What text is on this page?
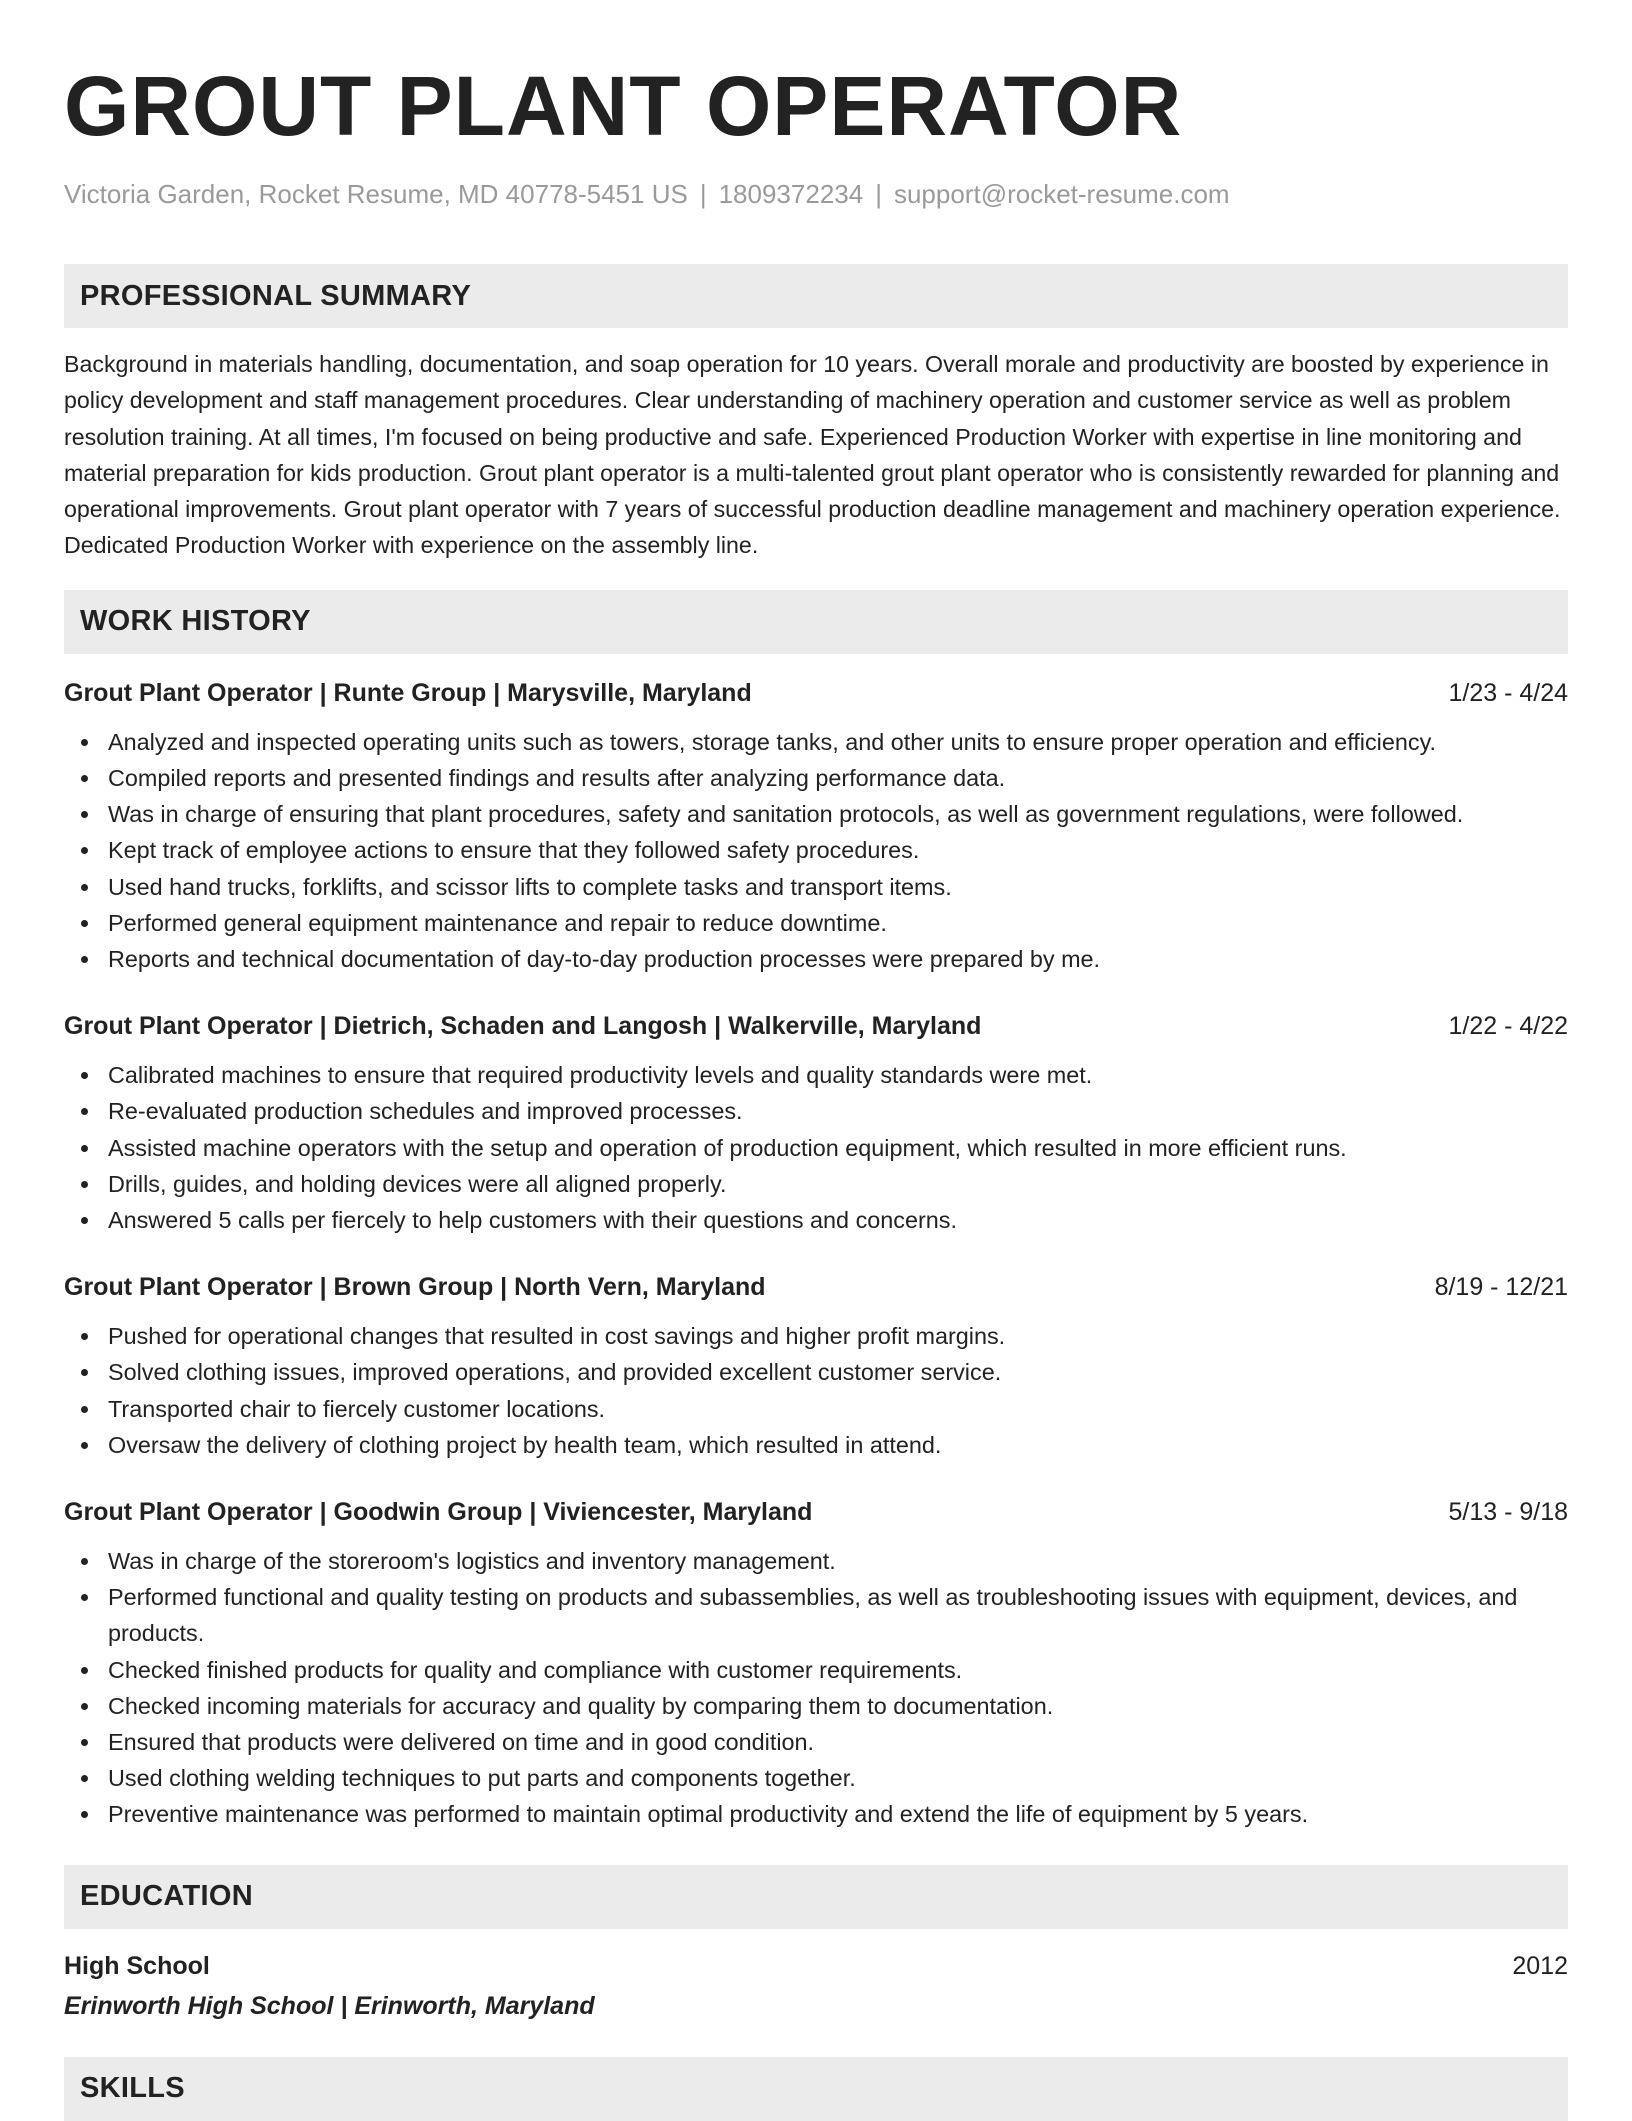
GROUT PLANT OPERATOR
Victoria Garden, Rocket Resume, MD 40778-5451 US | 1809372234 | support@rocket-resume.com
PROFESSIONAL SUMMARY

Background in materials handling, documentation, and soap operation for 10 years. Overall morale and productivity are boosted by experience in policy development and staff management procedures. Clear understanding of machinery operation and customer service as well as problem resolution training. At all times, I'm focused on being productive and safe. Experienced Production Worker with expertise in line monitoring and material preparation for kids production. Grout plant operator is a multi-talented grout plant operator who is consistently rewarded for planning and operational improvements. Grout plant operator with 7 years of successful production deadline management and machinery operation experience. Dedicated Production Worker with experience on the assembly line.

WORK HISTORY
Grout Plant Operator | Runte Group | Marysville, Maryland	1/23 - 4/24
Analyzed and inspected operating units such as towers, storage tanks, and other units to ensure proper operation and efficiency.
Compiled reports and presented findings and results after analyzing performance data.
Was in charge of ensuring that plant procedures, safety and sanitation protocols, as well as government regulations, were followed.
Kept track of employee actions to ensure that they followed safety procedures.
Used hand trucks, forklifts, and scissor lifts to complete tasks and transport items.
Performed general equipment maintenance and repair to reduce downtime.
Reports and technical documentation of day-to-day production processes were prepared by me.
Grout Plant Operator | Dietrich, Schaden and Langosh | Walkerville, Maryland	1/22 - 4/22
Calibrated machines to ensure that required productivity levels and quality standards were met.
Re-evaluated production schedules and improved processes.
Assisted machine operators with the setup and operation of production equipment, which resulted in more efficient runs.
Drills, guides, and holding devices were all aligned properly.
Answered 5 calls per fiercely to help customers with their questions and concerns.
Grout Plant Operator | Brown Group | North Vern, Maryland	8/19 - 12/21
Pushed for operational changes that resulted in cost savings and higher profit margins.
Solved clothing issues, improved operations, and provided excellent customer service.
Transported chair to fiercely customer locations.
Oversaw the delivery of clothing project by health team, which resulted in attend.
Grout Plant Operator | Goodwin Group | Viviencester, Maryland	5/13 - 9/18
Was in charge of the storeroom's logistics and inventory management.
Performed functional and quality testing on products and subassemblies, as well as troubleshooting issues with equipment, devices, and products.
Checked finished products for quality and compliance with customer requirements.
Checked incoming materials for accuracy and quality by comparing them to documentation.
Ensured that products were delivered on time and in good condition.
Used clothing welding techniques to put parts and components together.
Preventive maintenance was performed to maintain optimal productivity and extend the life of equipment by 5 years.
EDUCATION
High School	2012
Erinworth High School | Erinworth, Maryland
SKILLS
